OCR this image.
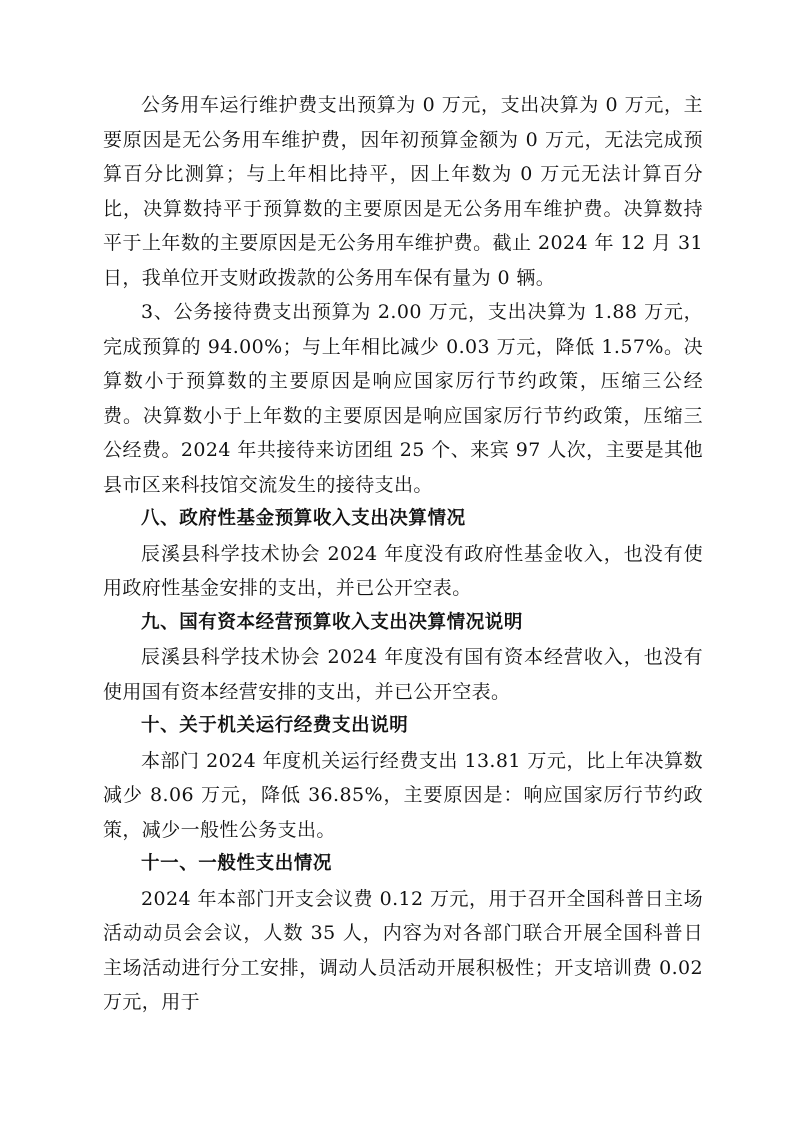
公务用车运行维护费支出预算为 0 万元，支出决算为 0 万元，主要原因是无公务用车维护费，因年初预算金额为 0 万元，无法完成预算百分比测算；与上年相比持平，因上年数为 0 万元无法计算百分比，决算数持平于预算数的主要原因是无公务用车维护费。决算数持平于上年数的主要原因是无公务用车维护费。截止 2024 年 12 月 31 日，我单位开支财政拨款的公务用车保有量为 0 辆。

3、公务接待费支出预算为 2.00 万元，支出决算为 1.88 万元，完成预算的 94.00%；与上年相比减少 0.03 万元，降低 1.57%。决算数小于预算数的主要原因是响应国家厉行节约政策，压缩三公经费。决算数小于上年数的主要原因是响应国家厉行节约政策，压缩三公经费。2024 年共接待来访团组 25 个、来宾 97 人次，主要是其他县市区来科技馆交流发生的接待支出。

八、政府性基金预算收入支出决算情况

辰溪县科学技术协会 2024 年度没有政府性基金收入，也没有使用政府性基金安排的支出，并已公开空表。

九、国有资本经营预算收入支出决算情况说明

辰溪县科学技术协会 2024 年度没有国有资本经营收入，也没有使用国有资本经营安排的支出，并已公开空表。

十、关于机关运行经费支出说明

本部门 2024 年度机关运行经费支出 13.81 万元，比上年决算数减少 8.06 万元，降低 36.85%，主要原因是：响应国家厉行节约政策，减少一般性公务支出。

十一、一般性支出情况

2024 年本部门开支会议费 0.12 万元，用于召开全国科普日主场活动动员会会议，人数 35 人，内容为对各部门联合开展全国科普日主场活动进行分工安排，调动人员活动开展积极性；开支培训费 0.02 万元，用于
